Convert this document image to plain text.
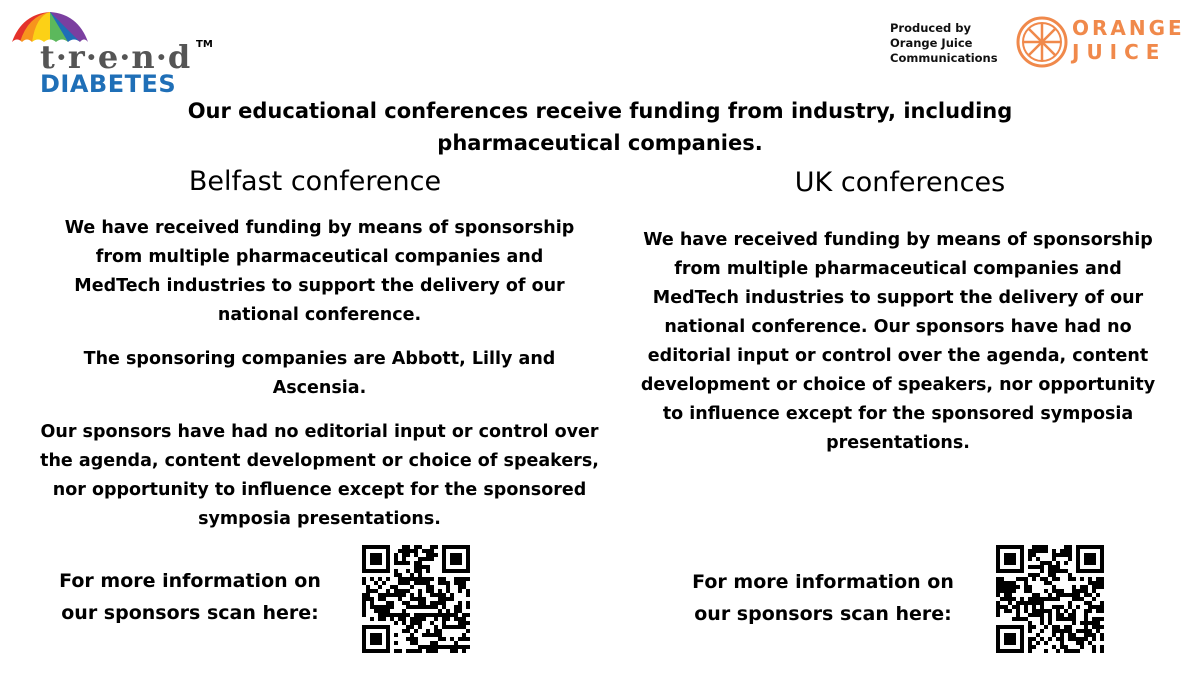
t·r·e·n·d TM
DIABETES
Produced by
Orange Juice
Communications
ORANGE
JUICE
Our educational conferences receive funding from industry, including
pharmaceutical companies.
Belfast conference

We have received funding by means of sponsorship from multiple pharmaceutical companies and MedTech industries to support the delivery of our national conference.

The sponsoring companies are Abbott, Lilly and Ascensia.

Our sponsors have had no editorial input or control over the agenda, content development or choice of speakers, nor opportunity to influence except for the sponsored symposia presentations.

For more information on
our sponsors scan here:
UK conferences

We have received funding by means of sponsorship from multiple pharmaceutical companies and MedTech industries to support the delivery of our national conference. Our sponsors have had no editorial input or control over the agenda, content development or choice of speakers, nor opportunity to influence except for the sponsored symposia presentations.

For more information on
our sponsors scan here:
